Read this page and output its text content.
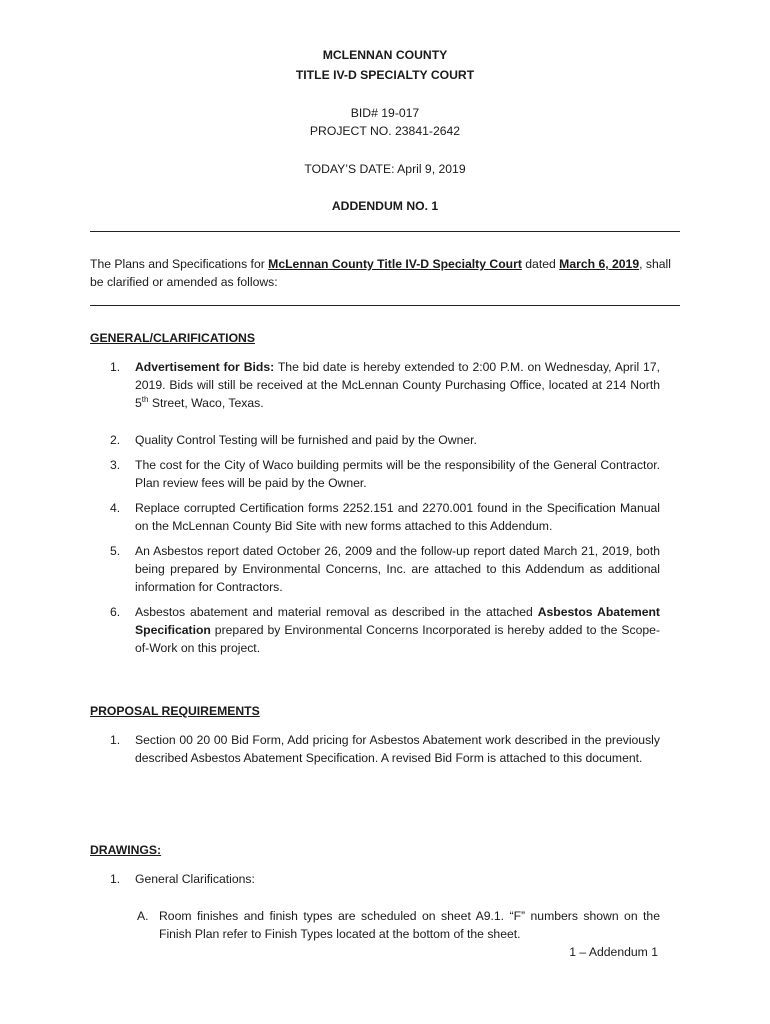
MCLENNAN COUNTY
TITLE IV-D SPECIALTY COURT
BID# 19-017
PROJECT NO. 23841-2642
TODAY’S DATE: April 9, 2019
ADDENDUM NO. 1
The Plans and Specifications for McLennan County Title IV-D Specialty Court dated March 6, 2019, shall be clarified or amended as follows:
GENERAL/CLARIFICATIONS
1. Advertisement for Bids: The bid date is hereby extended to 2:00 P.M. on Wednesday, April 17, 2019. Bids will still be received at the McLennan County Purchasing Office, located at 214 North 5th Street, Waco, Texas.
2. Quality Control Testing will be furnished and paid by the Owner.
3. The cost for the City of Waco building permits will be the responsibility of the General Contractor. Plan review fees will be paid by the Owner.
4. Replace corrupted Certification forms 2252.151 and 2270.001 found in the Specification Manual on the McLennan County Bid Site with new forms attached to this Addendum.
5. An Asbestos report dated October 26, 2009 and the follow-up report dated March 21, 2019, both being prepared by Environmental Concerns, Inc. are attached to this Addendum as additional information for Contractors.
6. Asbestos abatement and material removal as described in the attached Asbestos Abatement Specification prepared by Environmental Concerns Incorporated is hereby added to the Scope-of-Work on this project.
PROPOSAL REQUIREMENTS
1. Section 00 20 00 Bid Form, Add pricing for Asbestos Abatement work described in the previously described Asbestos Abatement Specification. A revised Bid Form is attached to this document.
DRAWINGS:
1. General Clarifications:
A. Room finishes and finish types are scheduled on sheet A9.1. “F” numbers shown on the Finish Plan refer to Finish Types located at the bottom of the sheet.
1 – Addendum 1
